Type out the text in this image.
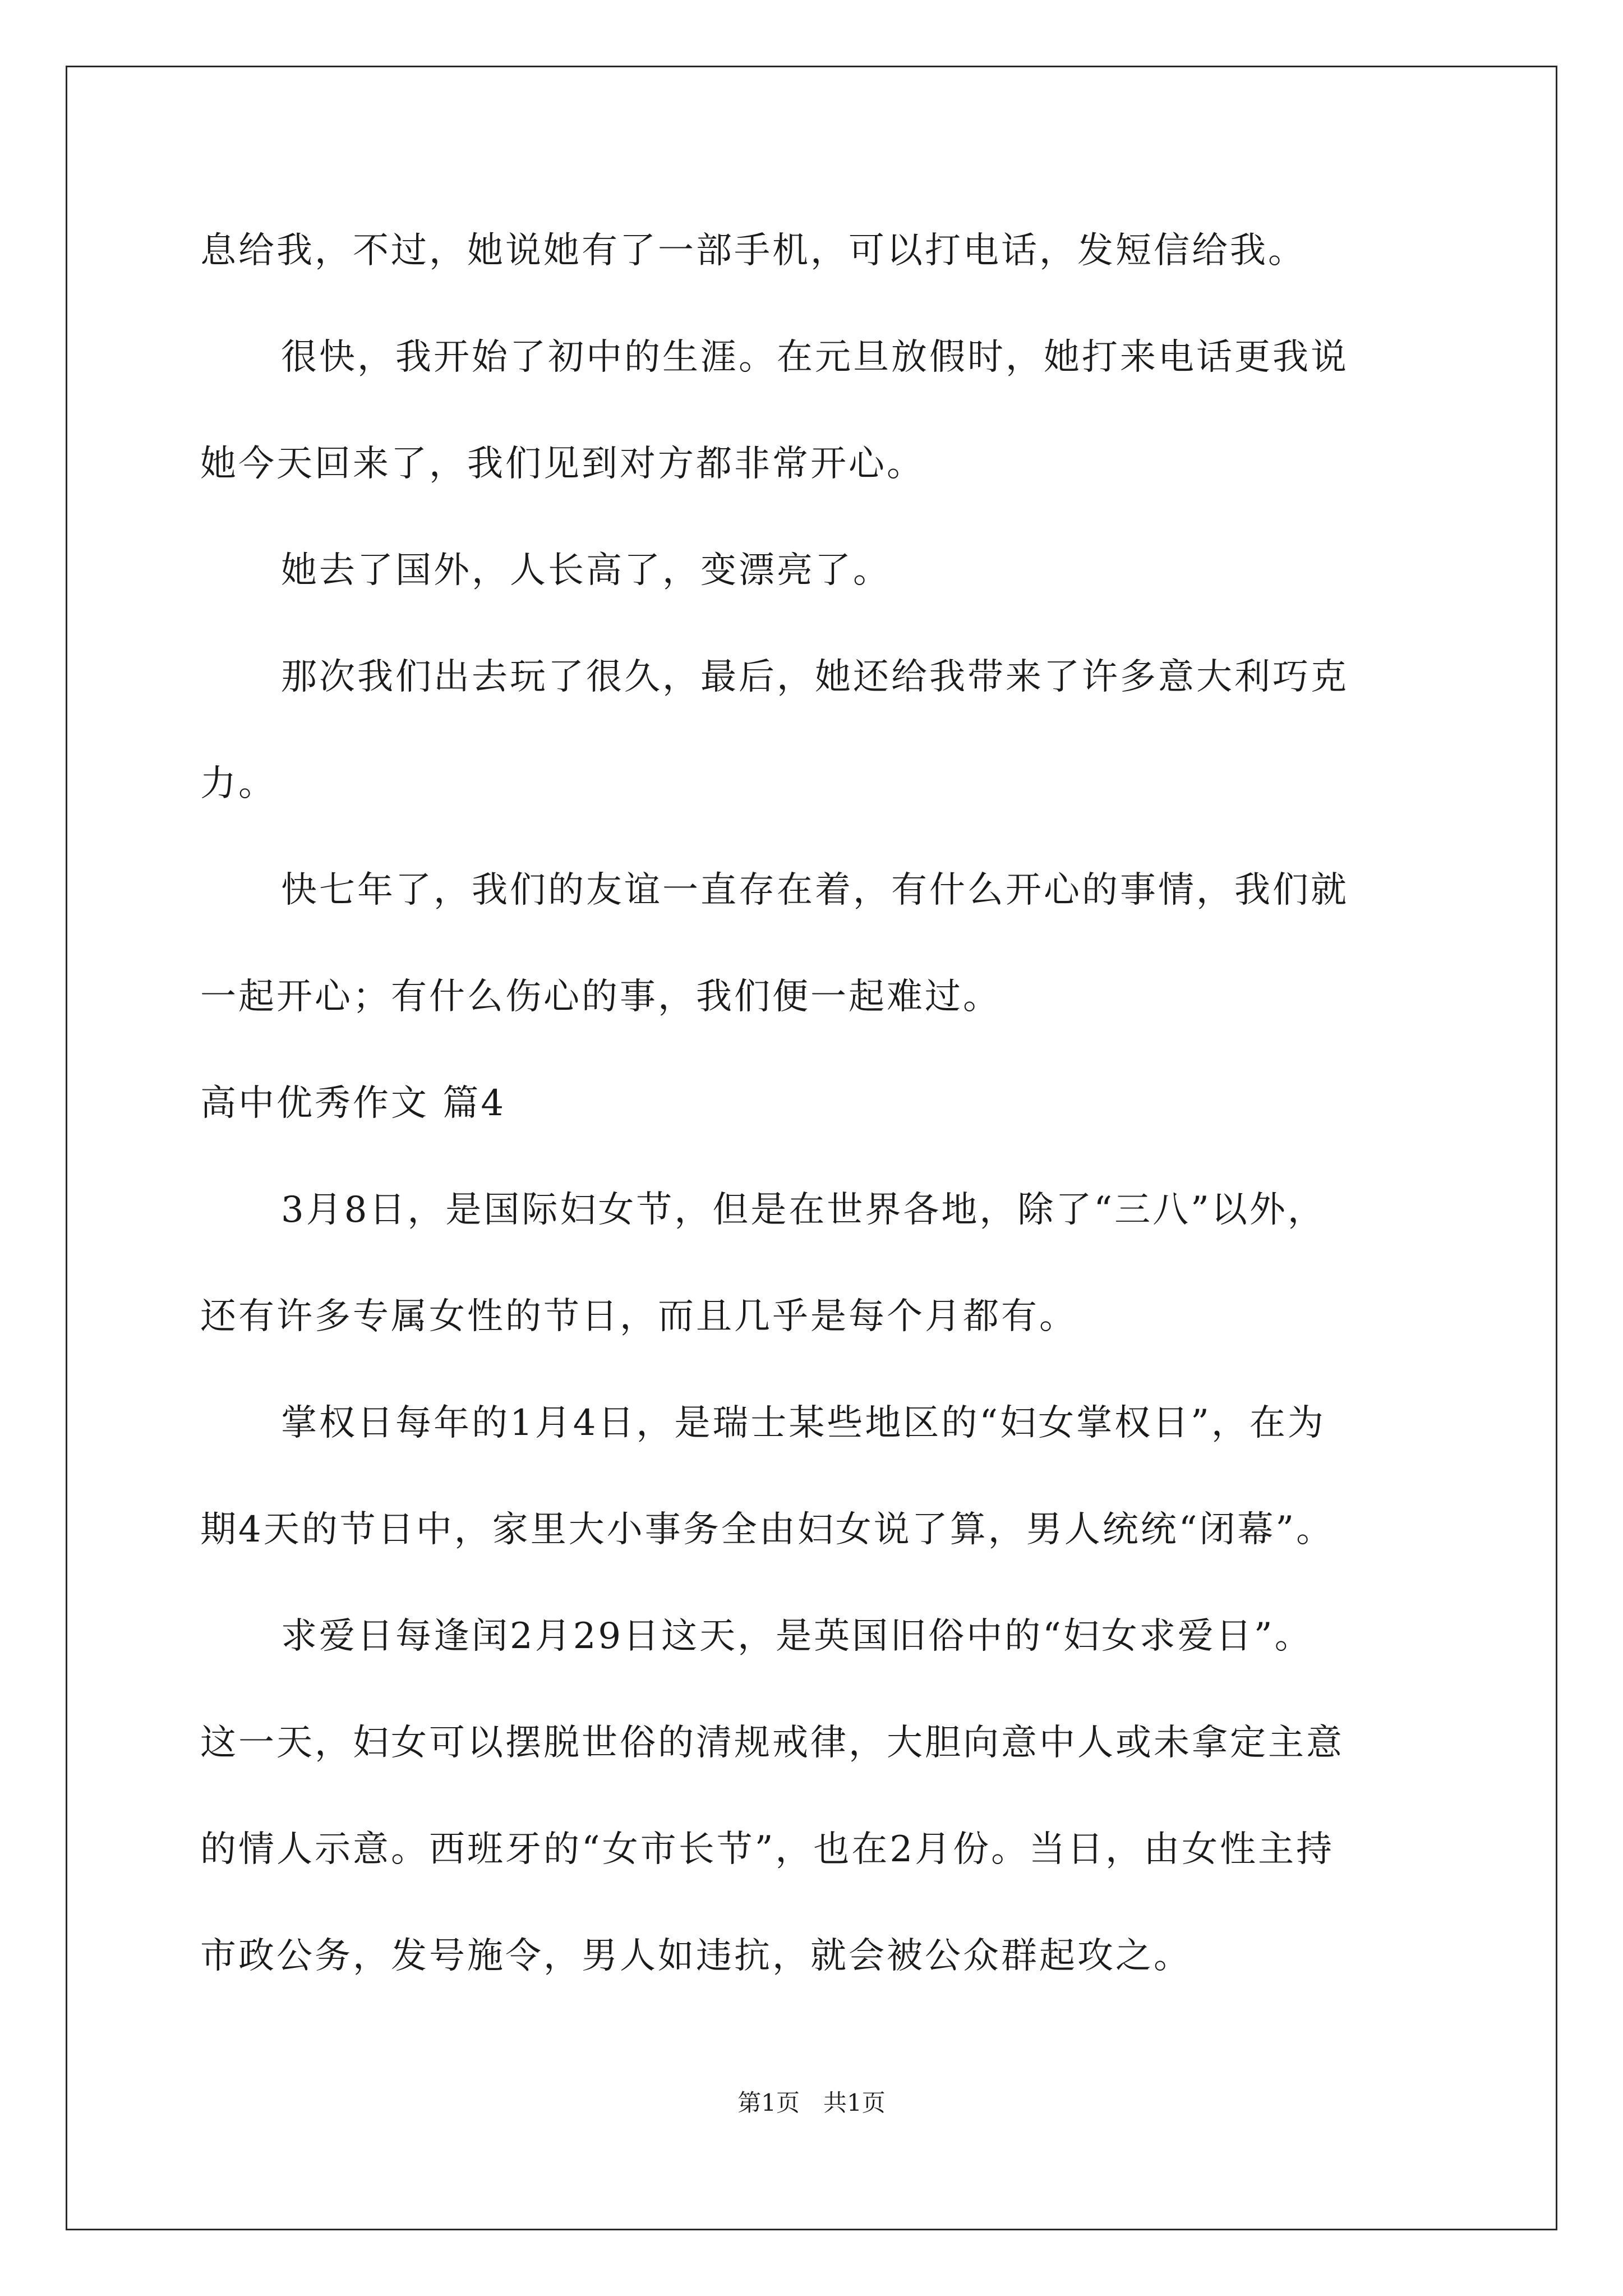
息给我，不过，她说她有了一部手机，可以打电话，发短信给我。
很快，我开始了初中的生涯。在元旦放假时，她打来电话更我说
她今天回来了，我们见到对方都非常开心。
她去了国外，人长高了，变漂亮了。
那次我们出去玩了很久，最后，她还给我带来了许多意大利巧克
力。
快七年了，我们的友谊一直存在着，有什么开心的事情，我们就
一起开心；有什么伤心的事，我们便一起难过。
高中优秀作文 篇4
3月8日，是国际妇女节，但是在世界各地，除了“三八”以外，
还有许多专属女性的节日，而且几乎是每个月都有。
掌权日每年的1月4日，是瑞士某些地区的“妇女掌权日”，在为
期4天的节日中，家里大小事务全由妇女说了算，男人统统“闭幕”。
求爱日每逢闰2月29日这天，是英国旧俗中的“妇女求爱日”。
这一天，妇女可以摆脱世俗的清规戒律，大胆向意中人或未拿定主意
的情人示意。西班牙的“女市长节”，也在2月份。当日，由女性主持
市政公务，发号施令，男人如违抗，就会被公众群起攻之。
第1页　共1页
